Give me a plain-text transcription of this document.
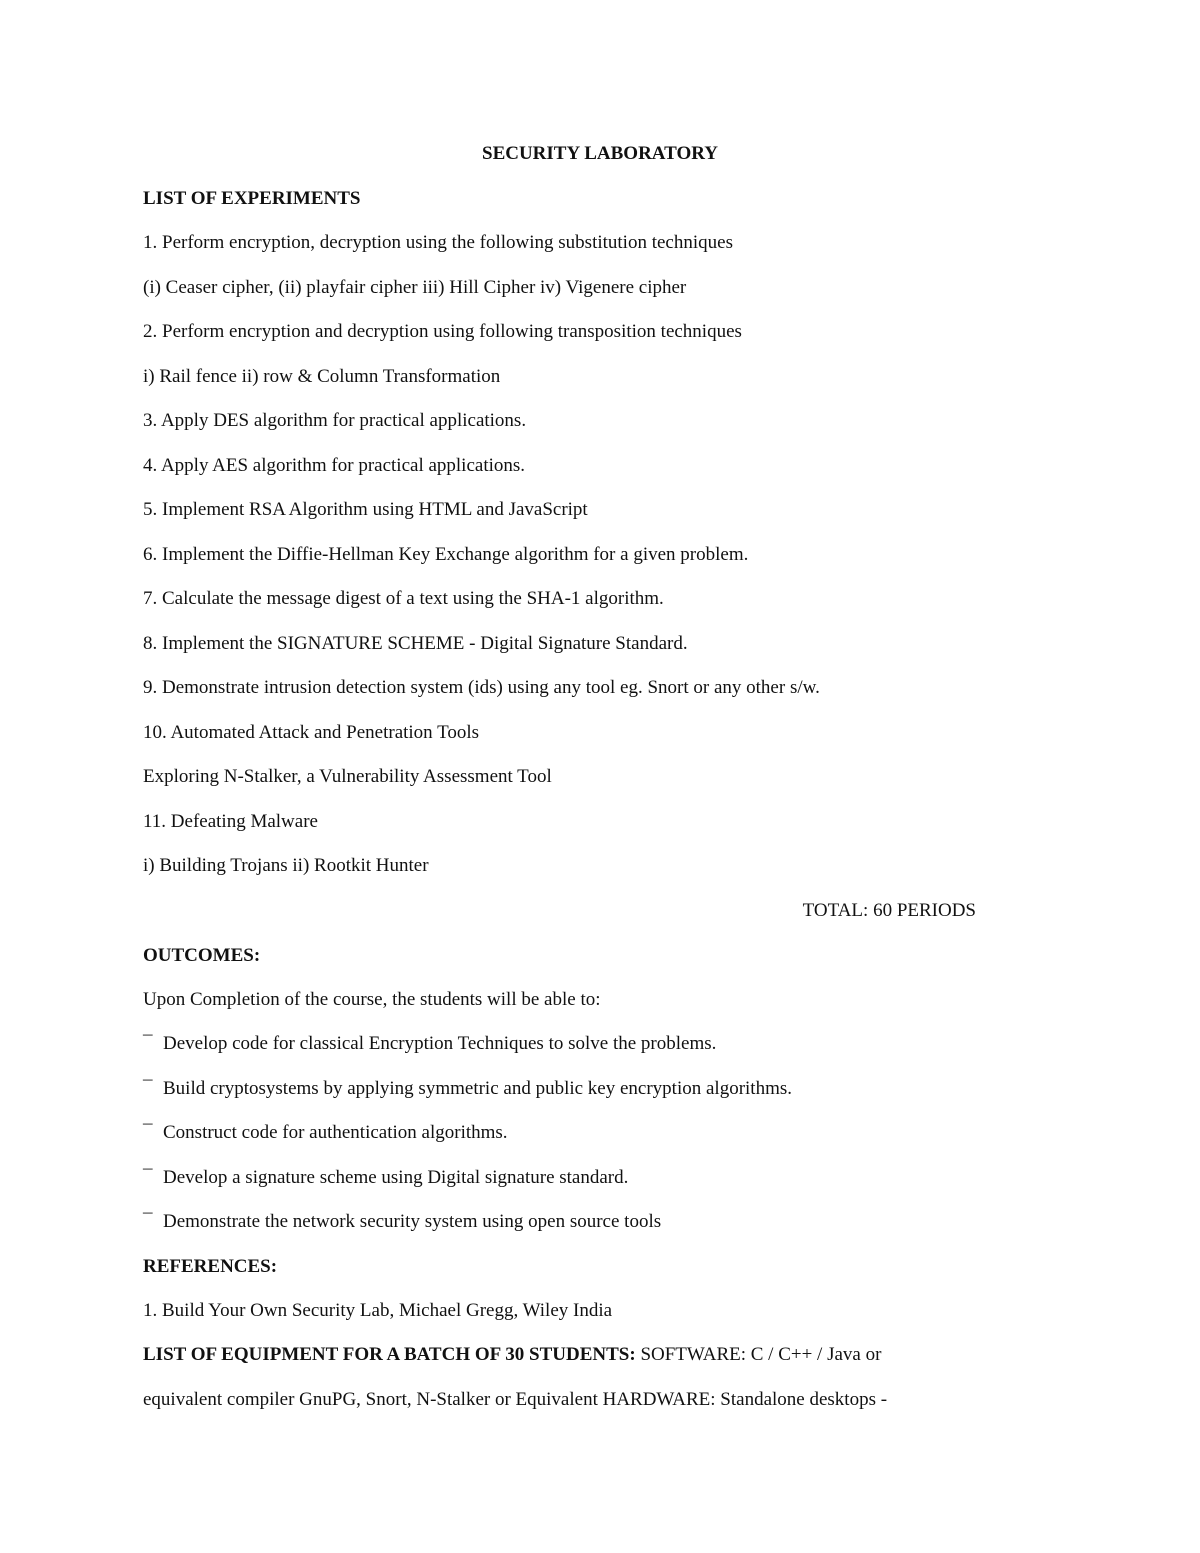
SECURITY LABORATORY
LIST OF EXPERIMENTS
1. Perform encryption, decryption using the following substitution techniques
(i) Ceaser cipher, (ii) playfair cipher iii) Hill Cipher iv) Vigenere cipher
2. Perform encryption and decryption using following transposition techniques
i) Rail fence ii) row & Column Transformation
3. Apply DES algorithm for practical applications.
4. Apply AES algorithm for practical applications.
5. Implement RSA Algorithm using HTML and JavaScript
6. Implement the Diffie-Hellman Key Exchange algorithm for a given problem.
7. Calculate the message digest of a text using the SHA-1 algorithm.
8. Implement the SIGNATURE SCHEME - Digital Signature Standard.
9. Demonstrate intrusion detection system (ids) using any tool eg. Snort or any other s/w.
10. Automated Attack and Penetration Tools
Exploring N-Stalker, a Vulnerability Assessment Tool
11. Defeating Malware
i) Building Trojans ii) Rootkit Hunter
TOTAL: 60 PERIODS
OUTCOMES:
Upon Completion of the course, the students will be able to:
¯ Develop code for classical Encryption Techniques to solve the problems.
¯ Build cryptosystems by applying symmetric and public key encryption algorithms.
¯ Construct code for authentication algorithms.
¯ Develop a signature scheme using Digital signature standard.
¯ Demonstrate the network security system using open source tools
REFERENCES:
1. Build Your Own Security Lab, Michael Gregg, Wiley India
LIST OF EQUIPMENT FOR A BATCH OF 30 STUDENTS: SOFTWARE: C / C++ / Java or
equivalent compiler GnuPG, Snort, N-Stalker or Equivalent HARDWARE: Standalone desktops -
